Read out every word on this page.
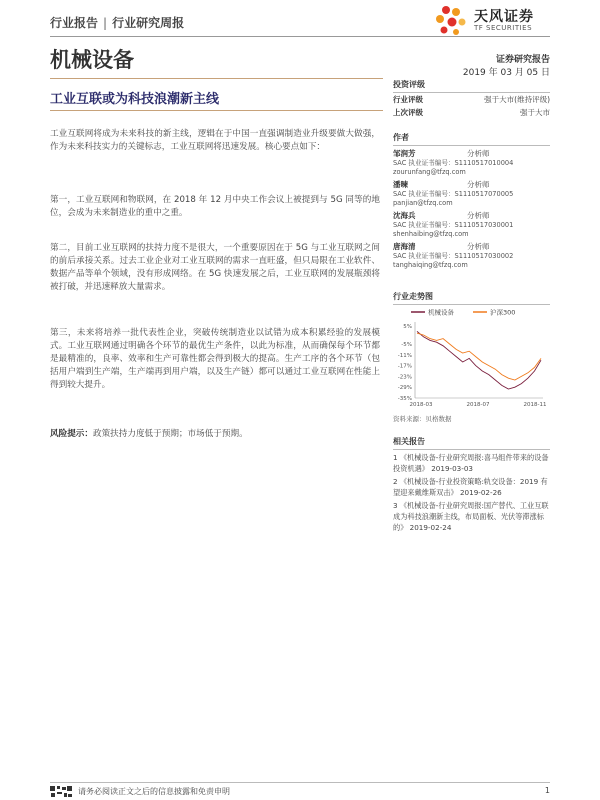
行业报告 | 行业研究周报	天风证券
TF SECURITIES
机械设备	证券研究报告
2019 年 03 月 05 日
工业互联或为科技浪潮新主线

工业互联网将成为未来科技的新主线，逻辑在于中国一直强调制造业升级要做大做强，作为未来科技实力的关键标志，工业互联网将迅速发展。核心要点如下：

第一，工业互联网和物联网，在 2018 年 12 月中央工作会议上被提到与 5G 同等的地位，会成为未来制造业的重中之重。

第二，目前工业互联网的扶持力度不是很大，一个重要原因在于 5G 与工业互联网之间的前后承接关系。过去工业企业对工业互联网的需求一直旺盛，但只局限在工业软件、数据产品等单个领域，没有形成网络。在 5G 快速发展之后，工业互联网的发展瓶颈将被打破，并迅速释放大量需求。

第三，未来将培养一批代表性企业，突破传统制造业以试错为成本积累经验的发展模式。工业互联网通过明确各个环节的最优生产条件，以此为标准，从而确保每个环节都是最精准的，良率、效率和生产可靠性都会得到极大的提高。生产工序的各个环节（包括用户端到生产端，生产端再到用户端，以及生产链）都可以通过工业互联网在性能上得到较大提升。

风险提示：政策扶持力度低于预期；市场低于预期。

投资评级
行业评级	强于大市(维持评级)
上次评级	强于大市
作者
邹润芳	分析师
SAC 执业证书编号：S1110517010004
zourunfang@tfzq.com
潘暕	分析师
SAC 执业证书编号：S1110517070005
panjian@tfzq.com
沈海兵	分析师
SAC 执业证书编号：S1110517030001
shenhaibing@tfzq.com
唐海清	分析师
SAC 执业证书编号：S1110517030002
tanghaiqing@tfzq.com
行业走势图
机械设备	沪深300
5%
-5%
-11%
-17%
-23%
-29%
-35%
2018-03	2018-07	2018-11
资料来源：贝格数据
相关报告
1 《机械设备-行业研究周报:喜马组件带来的设备投资机遇》 2019-03-03
2 《机械设备-行业投资策略:轨交设备：2019 有望迎来戴维斯双击》 2019-02-26
3 《机械设备-行业研究周报:国产替代、工业互联成为科技浪潮新主线，布局面板、光伏等滞涨标的》 2019-02-24
请务必阅读正文之后的信息披露和免责申明	1
